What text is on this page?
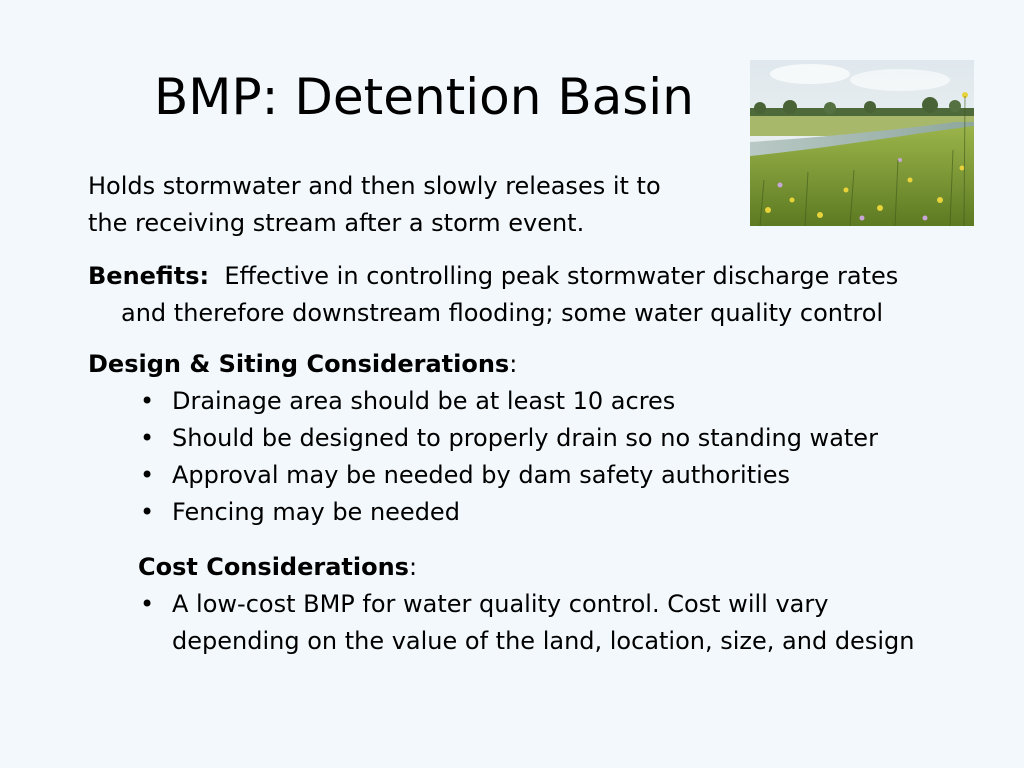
BMP: Detention Basin
Holds stormwater and then slowly releases it to
the receiving stream after a storm event.
Benefits: Effective in controlling peak stormwater discharge rates
and therefore downstream flooding; some water quality control
Design & Siting Considerations:
• Drainage area should be at least 10 acres
• Should be designed to properly drain so no standing water
• Approval may be needed by dam safety authorities
• Fencing may be needed
Cost Considerations:
• A low-cost BMP for water quality control. Cost will vary
depending on the value of the land, location, size, and design
